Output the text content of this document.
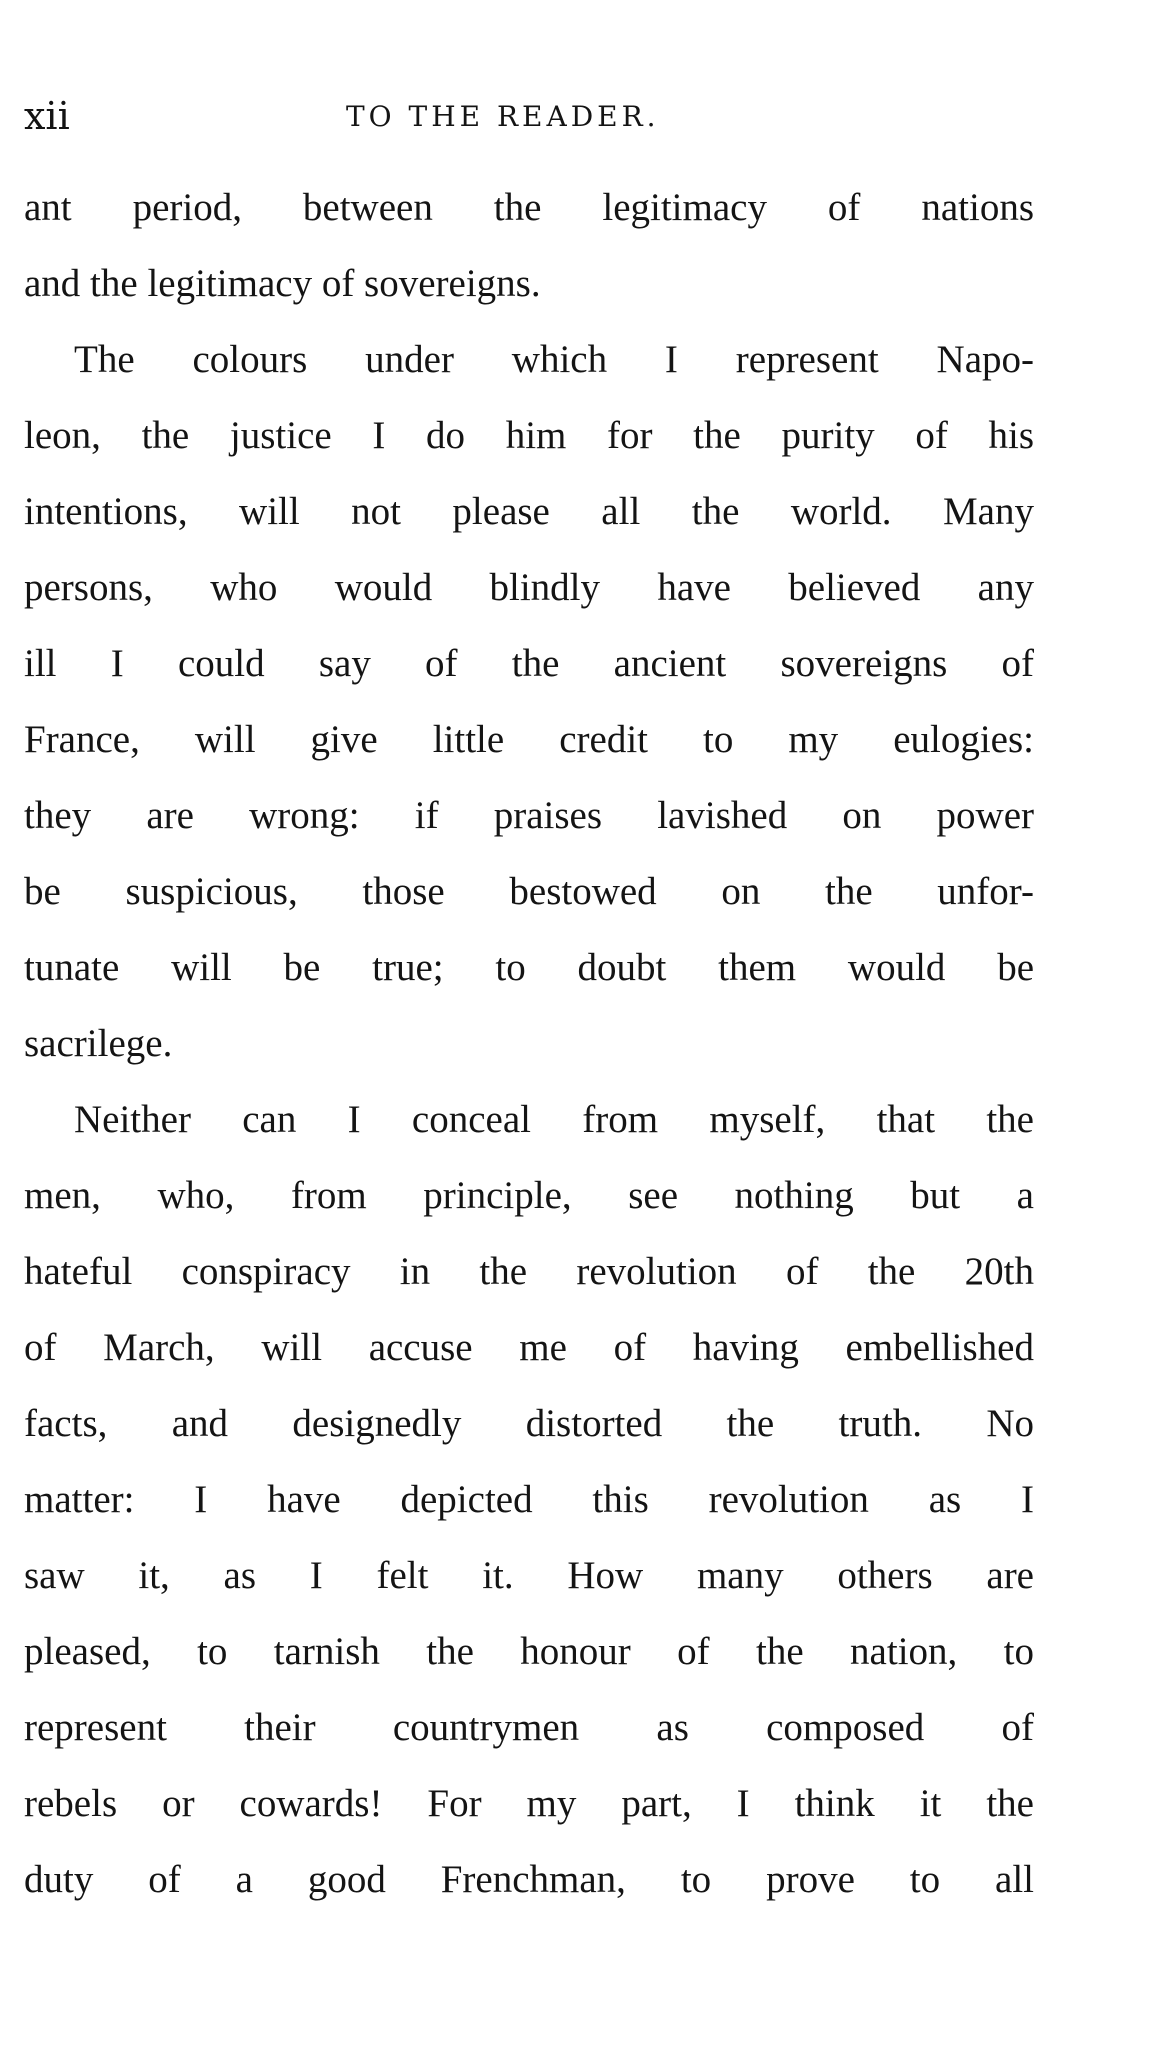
xii	TO THE READER.
ant period, between the legitimacy of nations
and the legitimacy of sovereigns.
The colours under which I represent Napo-
leon, the justice I do him for the purity of his
intentions, will not please all the world. Many
persons, who would blindly have believed any
ill I could say of the ancient sovereigns of
France, will give little credit to my eulogies:
they are wrong: if praises lavished on power
be suspicious, those bestowed on the unfor-
tunate will be true; to doubt them would be
sacrilege.
Neither can I conceal from myself, that the
men, who, from principle, see nothing but a
hateful conspiracy in the revolution of the 20th
of March, will accuse me of having embellished
facts, and designedly distorted the truth. No
matter: I have depicted this revolution as I
saw it, as I felt it. How many others are
pleased, to tarnish the honour of the nation, to
represent their countrymen as composed of
rebels or cowards! For my part, I think it the
duty of a good Frenchman, to prove to all
